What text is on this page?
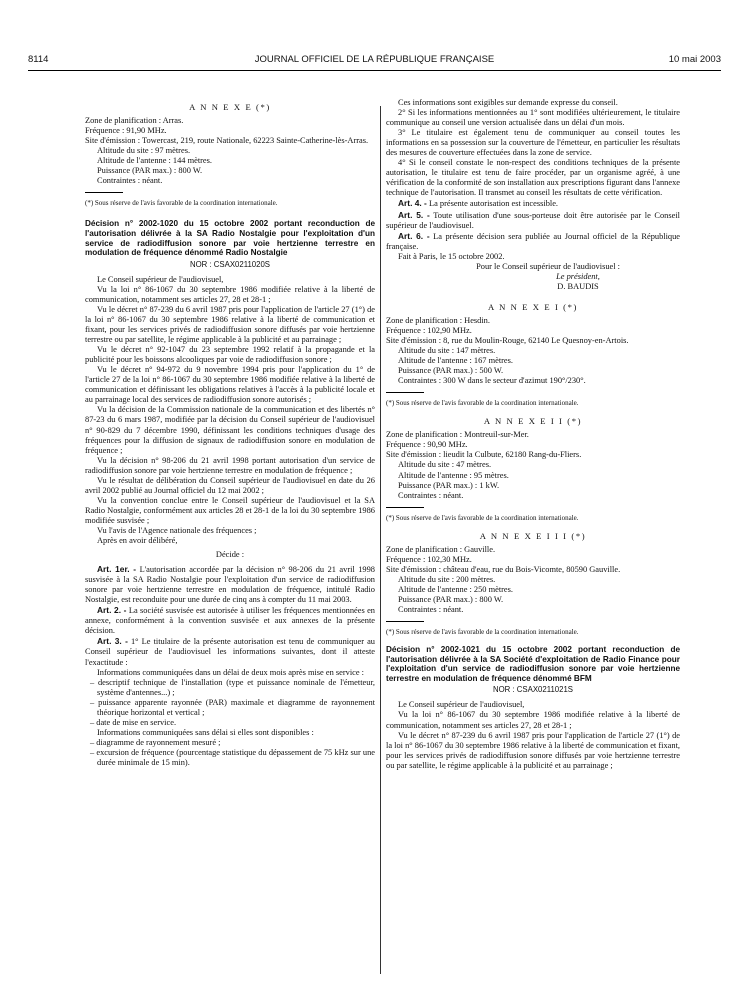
8114	JOURNAL OFFICIEL DE LA RÉPUBLIQUE FRANÇAISE	10 mai 2003

A N N E X E (*)

Zone de planification : Arras.

Fréquence : 91,90 MHz.

Site d'émission : Towercast, 219, route Nationale, 62223 Sainte-Catherine-lès-Arras.

Altitude du site : 97 mètres.

Altitude de l'antenne : 144 mètres.

Puissance (PAR max.) : 800 W.

Contraintes : néant.

(*) Sous réserve de l'avis favorable de la coordination internationale.

Décision n° 2002-1020 du 15 octobre 2002 portant reconduction de l'autorisation délivrée à la SA Radio Nostalgie pour l'exploitation d'un service de radiodiffusion sonore par voie hertzienne terrestre en modulation de fréquence dénommé Radio Nostalgie

NOR : CSAX0211020S

Le Conseil supérieur de l'audiovisuel,

Vu la loi n° 86-1067 du 30 septembre 1986 modifiée relative à la liberté de communication, notamment ses articles 27, 28 et 28-1 ;

Vu le décret n° 87-239 du 6 avril 1987 pris pour l'application de l'article 27 (1°) de la loi n° 86-1067 du 30 septembre 1986 relative à la liberté de communication et fixant, pour les services privés de radiodiffusion sonore diffusés par voie hertzienne terrestre ou par satellite, le régime applicable à la publicité et au parrainage ;

Vu le décret n° 92-1047 du 23 septembre 1992 relatif à la propagande et la publicité pour les boissons alcooliques par voie de radiodiffusion sonore ;

Vu le décret n° 94-972 du 9 novembre 1994 pris pour l'application du 1° de l'article 27 de la loi n° 86-1067 du 30 septembre 1986 modifiée relative à la liberté de communication et définissant les obligations relatives à l'accès à la publicité locale et au parrainage local des services de radiodiffusion sonore autorisés ;

Vu la décision de la Commission nationale de la communication et des libertés n° 87-23 du 6 mars 1987, modifiée par la décision du Conseil supérieur de l'audiovisuel n° 90-829 du 7 décembre 1990, définissant les conditions techniques d'usage des fréquences pour la diffusion de signaux de radiodiffusion sonore en modulation de fréquence ;

Vu la décision n° 98-206 du 21 avril 1998 portant autorisation d'un service de radiodiffusion sonore par voie hertzienne terrestre en modulation de fréquence ;

Vu le résultat de délibération du Conseil supérieur de l'audiovisuel en date du 26 avril 2002 publié au Journal officiel du 12 mai 2002 ;

Vu la convention conclue entre le Conseil supérieur de l'audiovisuel et la SA Radio Nostalgie, conformément aux articles 28 et 28-1 de la loi du 30 septembre 1986 modifiée susvisée ;

Vu l'avis de l'Agence nationale des fréquences ;

Après en avoir délibéré,

Décide :

Art. 1er. - L'autorisation accordée par la décision n° 98-206 du 21 avril 1998 susvisée à la SA Radio Nostalgie pour l'exploitation d'un service de radiodiffusion sonore par voie hertzienne terrestre en modulation de fréquence, intitulé Radio Nostalgie, est reconduite pour une durée de cinq ans à compter du 11 mai 2003.

Art. 2. - La société susvisée est autorisée à utiliser les fréquences mentionnées en annexe, conformément à la convention susvisée et aux annexes de la présente décision.

Art. 3. - 1° Le titulaire de la présente autorisation est tenu de communiquer au Conseil supérieur de l'audiovisuel les informations suivantes, dont il atteste l'exactitude :

Informations communiquées dans un délai de deux mois après mise en service :

– descriptif technique de l'installation (type et puissance nominale de l'émetteur, système d'antennes...) ;

– puissance apparente rayonnée (PAR) maximale et diagramme de rayonnement théorique horizontal et vertical ;

– date de mise en service.

Informations communiquées sans délai si elles sont disponibles :

– diagramme de rayonnement mesuré ;

– excursion de fréquence (pourcentage statistique du dépassement de 75 kHz sur une durée minimale de 15 min).

Ces informations sont exigibles sur demande expresse du conseil.

2° Si les informations mentionnées au 1° sont modifiées ultérieurement, le titulaire communique au conseil une version actualisée dans un délai d'un mois.

3° Le titulaire est également tenu de communiquer au conseil toutes les informations en sa possession sur la couverture de l'émetteur, en particulier les résultats des mesures de couverture effectuées dans la zone de service.

4° Si le conseil constate le non-respect des conditions techniques de la présente autorisation, le titulaire est tenu de faire procéder, par un organisme agréé, à une vérification de la conformité de son installation aux prescriptions figurant dans l'annexe technique de l'autorisation. Il transmet au conseil les résultats de cette vérification.

Art. 4. - La présente autorisation est incessible.

Art. 5. - Toute utilisation d'une sous-porteuse doit être autorisée par le Conseil supérieur de l'audiovisuel.

Art. 6. - La présente décision sera publiée au Journal officiel de la République française.

Fait à Paris, le 15 octobre 2002.

Pour le Conseil supérieur de l'audiovisuel :

Le président,

D. BAUDIS

A N N E X E I (*)

Zone de planification : Hesdin.

Fréquence : 102,90 MHz.

Site d'émission : 8, rue du Moulin-Rouge, 62140 Le Quesnoy-en-Artois.

Altitude du site : 147 mètres.

Altitude de l'antenne : 167 mètres.

Puissance (PAR max.) : 500 W.

Contraintes : 300 W dans le secteur d'azimut 190°/230°.

(*) Sous réserve de l'avis favorable de la coordination internationale.

A N N E X E I I (*)

Zone de planification : Montreuil-sur-Mer.

Fréquence : 90,90 MHz.

Site d'émission : lieudit la Culbute, 62180 Rang-du-Fliers.

Altitude du site : 47 mètres.

Altitude de l'antenne : 95 mètres.

Puissance (PAR max.) : 1 kW.

Contraintes : néant.

(*) Sous réserve de l'avis favorable de la coordination internationale.

A N N E X E I I I (*)

Zone de planification : Gauville.

Fréquence : 102,30 MHz.

Site d'émission : château d'eau, rue du Bois-Vicomte, 80590 Gauville.

Altitude du site : 200 mètres.

Altitude de l'antenne : 250 mètres.

Puissance (PAR max.) : 800 W.

Contraintes : néant.

(*) Sous réserve de l'avis favorable de la coordination internationale.

Décision n° 2002-1021 du 15 octobre 2002 portant reconduction de l'autorisation délivrée à la SA Société d'exploitation de Radio Finance pour l'exploitation d'un service de radiodiffusion sonore par voie hertzienne terrestre en modulation de fréquence dénommé BFM

NOR : CSAX0211021S

Le Conseil supérieur de l'audiovisuel,

Vu la loi n° 86-1067 du 30 septembre 1986 modifiée relative à la liberté de communication, notamment ses articles 27, 28 et 28-1 ;

Vu le décret n° 87-239 du 6 avril 1987 pris pour l'application de l'article 27 (1°) de la loi n° 86-1067 du 30 septembre 1986 relative à la liberté de communication et fixant, pour les services privés de radiodiffusion sonore diffusés par voie hertzienne terrestre ou par satellite, le régime applicable à la publicité et au parrainage ;
